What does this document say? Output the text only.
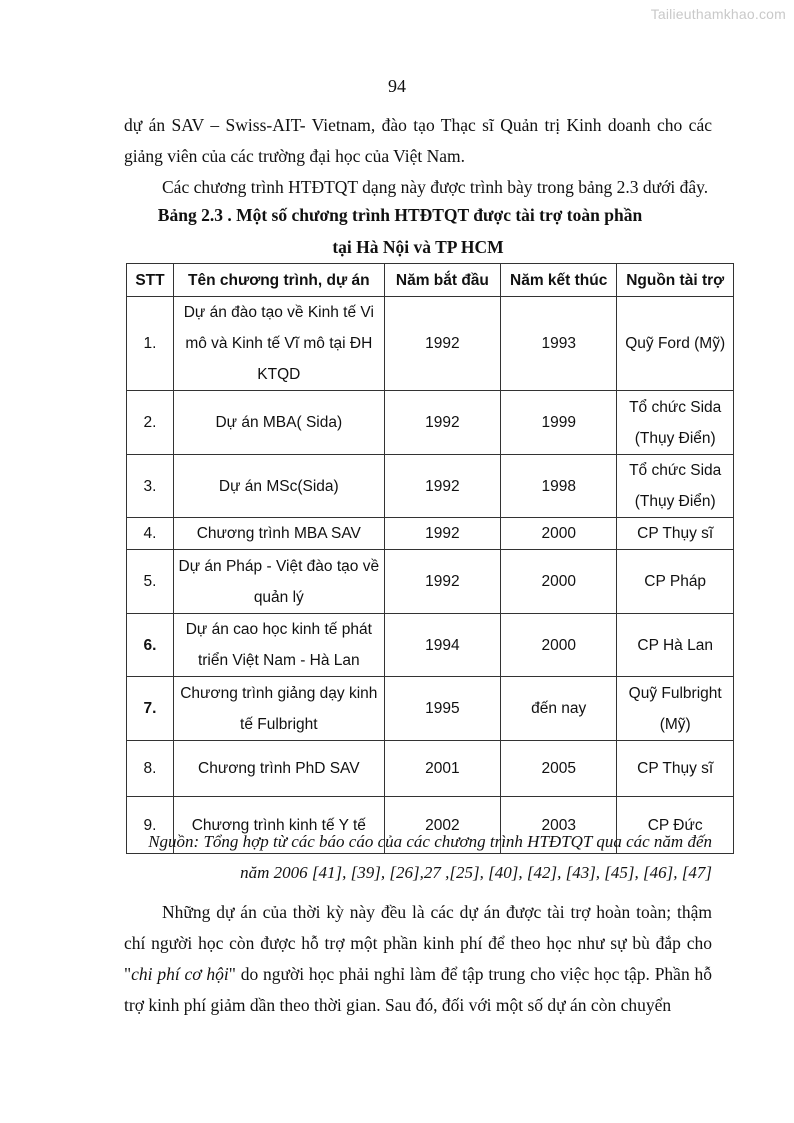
Tailieuthamkhao.com
94

dự án SAV – Swiss-AIT- Vietnam, đào tạo Thạc sĩ Quản trị Kinh doanh cho các giảng viên của các trường đại học của Việt Nam.

Các chương trình HTĐTQT dạng này được trình bày trong bảng 2.3 dưới đây.

Bảng 2.3 . Một số chương trình HTĐTQT được tài trợ toàn phần
tại Hà Nội và TP HCM
STT	Tên chương trình, dự án	Năm bắt đầu	Năm kết thúc	Nguồn tài trợ
1.	Dự án đào tạo về Kinh tế Vi mô và Kinh tế Vĩ mô tại ĐH KTQD	1992	1993	Quỹ Ford (Mỹ)
2.	Dự án MBA( Sida)	1992	1999	Tổ chức Sida (Thụy Điển)
3.	Dự án MSc(Sida)	1992	1998	Tổ chức Sida (Thụy Điển)
4.	Chương trình MBA SAV	1992	2000	CP Thụy sĩ
5.	Dự án Pháp - Việt đào tạo về quản lý	1992	2000	CP Pháp
6.	Dự án cao học kinh tế phát triển Việt Nam - Hà Lan	1994	2000	CP Hà Lan
7.	Chương trình giảng dạy kinh tế Fulbright	1995	đến nay	Quỹ Fulbright (Mỹ)
8.	Chương trình PhD SAV	2001	2005	CP Thụy sĩ
9.	Chương trình kinh tế Y tế	2002	2003	CP Đức
Nguồn: Tổng hợp từ các báo cáo của các chương trình HTĐTQT qua các năm đến năm 2006 [41], [39], [26],27 ,[25], [40], [42], [43], [45], [46], [47]

Những dự án của thời kỳ này đều là các dự án được tài trợ hoàn toàn; thậm chí người học còn được hỗ trợ một phần kinh phí để theo học như sự bù đắp cho "chi phí cơ hội" do người học phải nghỉ làm để tập trung cho việc học tập. Phần hỗ trợ kinh phí giảm dần theo thời gian. Sau đó, đối với một số dự án còn chuyển
